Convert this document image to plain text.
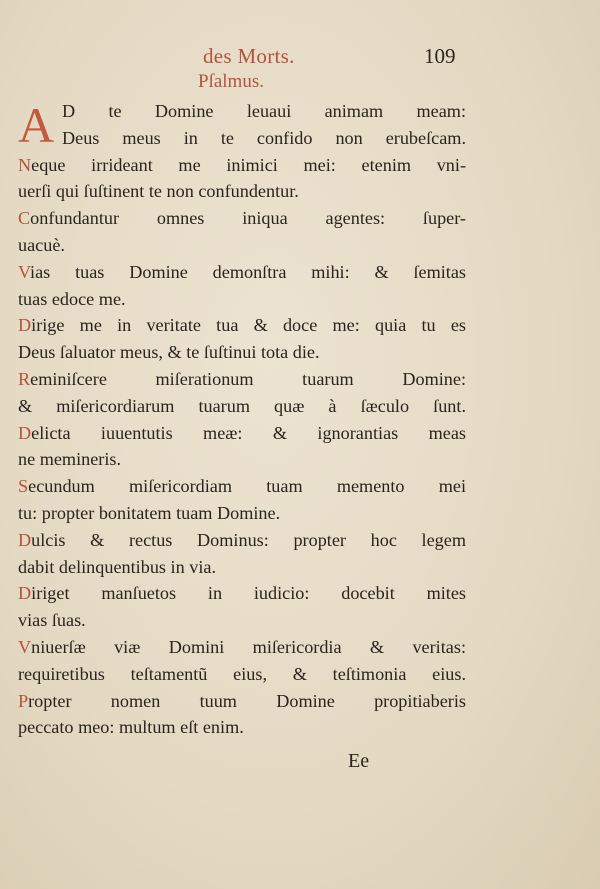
des Morts.	109
Pſalmus.
A D te Domine leuaui animam meam:
Deus meus in te confido non erubeſcam.
Neque irrideant me inimici mei: etenim vni-
uerſi qui ſuſtinent te non confundentur.
Confundantur omnes iniqua agentes: ſuper-
uacuè.
Vias tuas Domine demonſtra mihi: & ſemitas
tuas edoce me.
Dirige me in veritate tua & doce me: quia tu es
Deus ſaluator meus, & te ſuſtinui tota die.
Reminiſcere miſerationum tuarum Domine:
& miſericordiarum tuarum quæ à ſæculo ſunt.
Delicta iuuentutis meæ: & ignorantias meas
ne memineris.
Secundum miſericordiam tuam memento mei
tu: propter bonitatem tuam Domine.
Dulcis & rectus Dominus: propter hoc legem
dabit delinquentibus in via.
Diriget manſuetos in iudicio: docebit mites
vias ſuas.
Vniuerſæ viæ Domini miſericordia & veritas:
requiretibus teſtamentũ eius, & teſtimonia eius.
Propter nomen tuum Domine propitiaberis
peccato meo: multum eſt enim.
Ee
